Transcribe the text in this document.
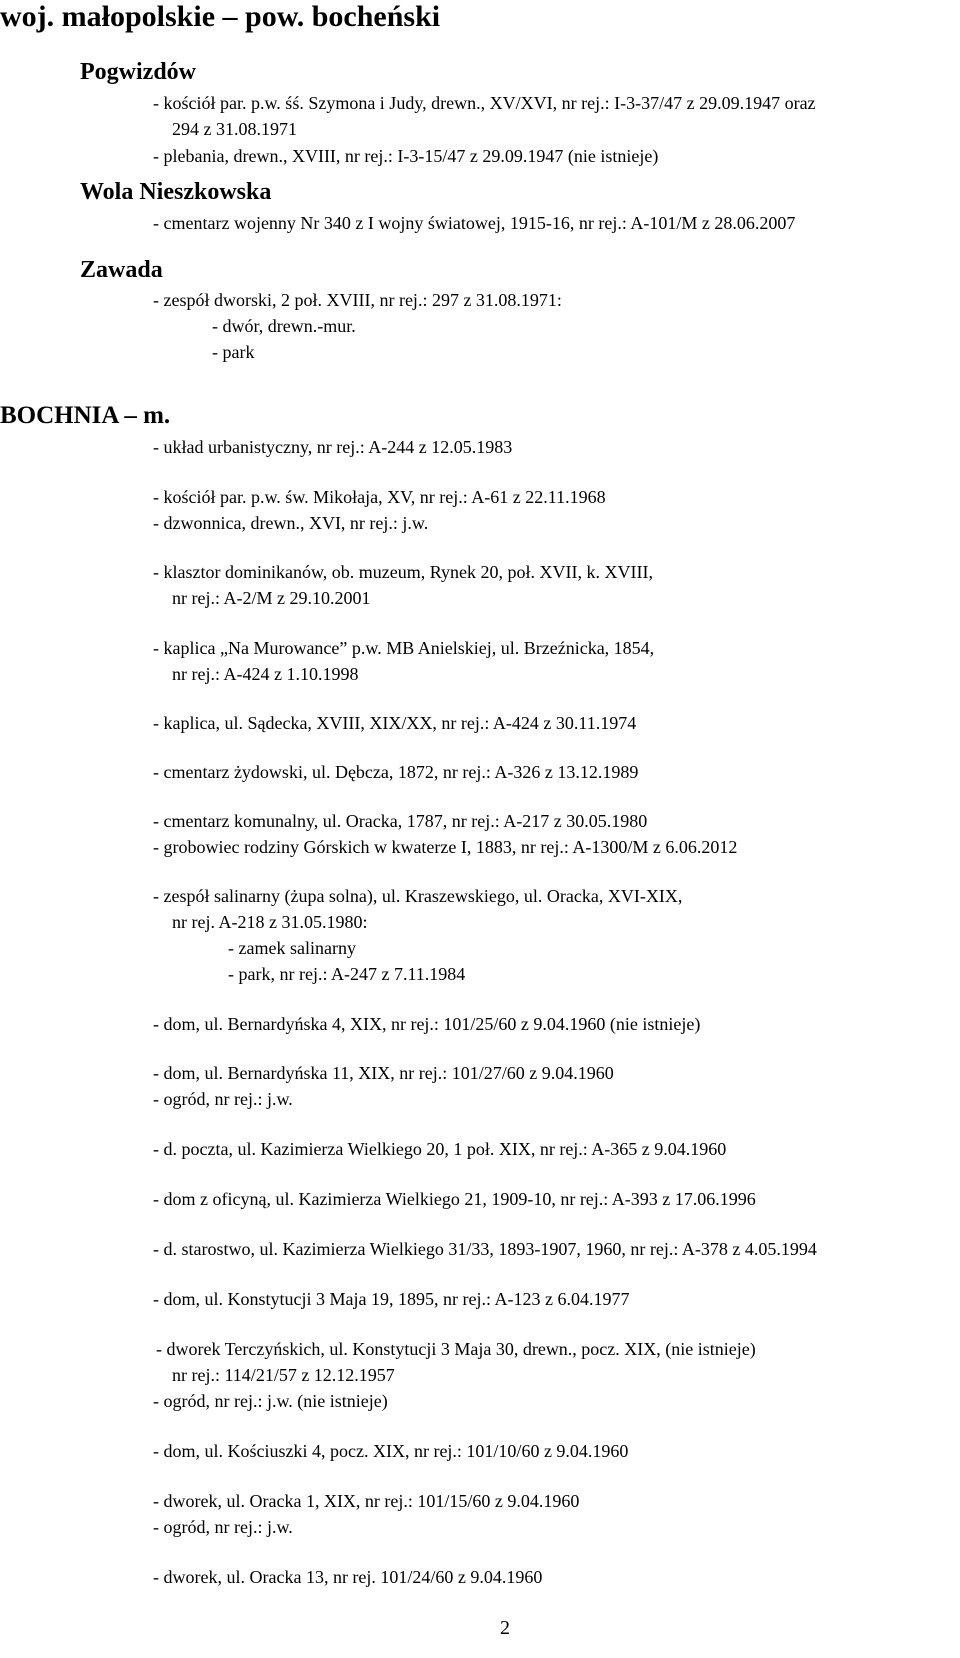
woj. małopolskie – pow. bocheński
Pogwizdów
- kościół par. p.w. śś. Szymona i Judy, drewn., XV/XVI, nr rej.: I-3-37/47 z 29.09.1947 oraz
294 z 31.08.1971
- plebania, drewn., XVIII, nr rej.: I-3-15/47 z 29.09.1947 (nie istnieje)
Wola Nieszkowska
- cmentarz wojenny Nr 340 z I wojny światowej, 1915-16, nr rej.: A-101/M z 28.06.2007
Zawada
- zespół dworski, 2 poł. XVIII, nr rej.: 297 z 31.08.1971:
- dwór, drewn.-mur.
- park
BOCHNIA – m.
- układ urbanistyczny, nr rej.: A-244 z 12.05.1983
- kościół par. p.w. św. Mikołaja, XV, nr rej.: A-61 z 22.11.1968
- dzwonnica, drewn., XVI, nr rej.: j.w.
- klasztor dominikanów, ob. muzeum, Rynek 20, poł. XVII, k. XVIII,
nr rej.: A-2/M z 29.10.2001
- kaplica „Na Murowance” p.w. MB Anielskiej, ul. Brzeźnicka, 1854,
nr rej.: A-424 z 1.10.1998
- kaplica, ul. Sądecka, XVIII, XIX/XX, nr rej.: A-424 z 30.11.1974
- cmentarz żydowski, ul. Dębcza, 1872, nr rej.: A-326 z 13.12.1989
- cmentarz komunalny, ul. Oracka, 1787, nr rej.: A-217 z 30.05.1980
- grobowiec rodziny Górskich w kwaterze I, 1883, nr rej.: A-1300/M z 6.06.2012
- zespół salinarny (żupa solna), ul. Kraszewskiego, ul. Oracka, XVI-XIX,
nr rej. A-218 z 31.05.1980:
- zamek salinarny
- park, nr rej.: A-247 z 7.11.1984
- dom, ul. Bernardyńska 4, XIX, nr rej.: 101/25/60 z 9.04.1960 (nie istnieje)
- dom, ul. Bernardyńska 11, XIX, nr rej.: 101/27/60 z 9.04.1960
- ogród, nr rej.: j.w.
- d. poczta, ul. Kazimierza Wielkiego 20, 1 poł. XIX, nr rej.: A-365 z 9.04.1960
- dom z oficyną, ul. Kazimierza Wielkiego 21, 1909-10, nr rej.: A-393 z 17.06.1996
- d. starostwo, ul. Kazimierza Wielkiego 31/33, 1893-1907, 1960, nr rej.: A-378 z 4.05.1994
- dom, ul. Konstytucji 3 Maja 19, 1895, nr rej.: A-123 z 6.04.1977
- dworek Terczyńskich, ul. Konstytucji 3 Maja 30, drewn., pocz. XIX, (nie istnieje)
nr rej.: 114/21/57 z 12.12.1957
- ogród, nr rej.: j.w. (nie istnieje)
- dom, ul. Kościuszki 4, pocz. XIX, nr rej.: 101/10/60 z 9.04.1960
- dworek, ul. Oracka 1, XIX, nr rej.: 101/15/60 z 9.04.1960
- ogród, nr rej.: j.w.
- dworek, ul. Oracka 13, nr rej. 101/24/60 z 9.04.1960
2
